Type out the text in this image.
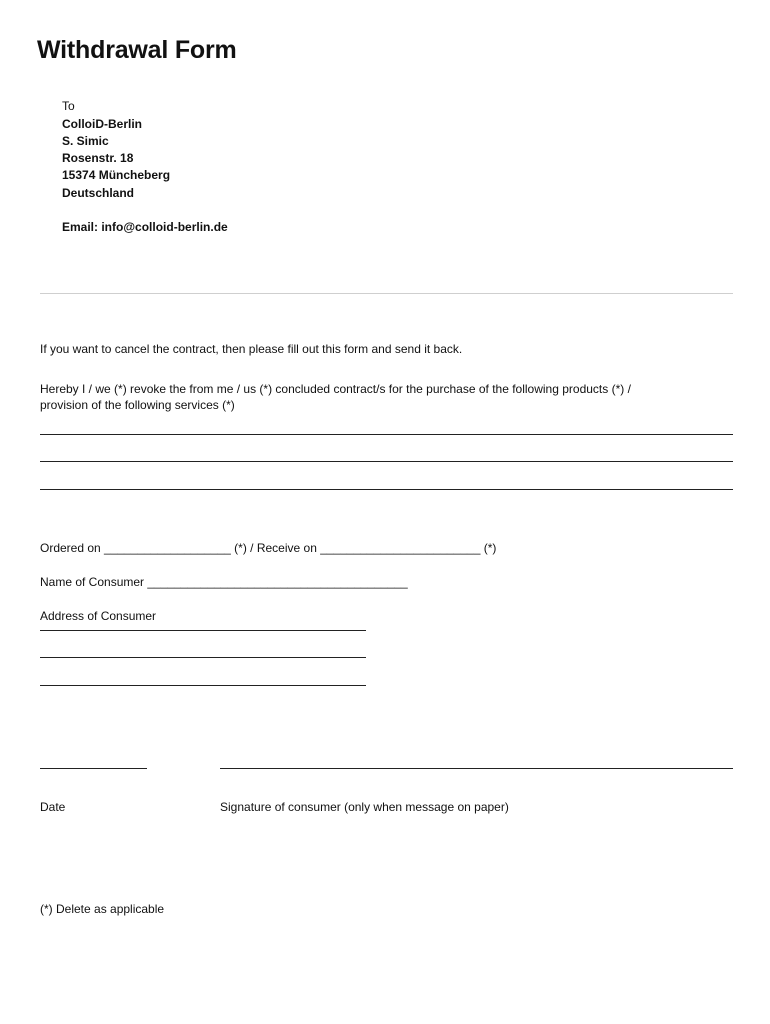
Withdrawal Form
To
ColloiD-Berlin
S. Simic
Rosenstr. 18
15374 Müncheberg
Deutschland
Email: info@colloid-berlin.de
If you want to cancel the contract, then please fill out this form and send it back.
Hereby I / we (*) revoke the from me / us (*) concluded contract/s for the purchase of the following products (*) /
provision of the following services (*)
Ordered on ___________________ (*) / Receive on ________________________ (*)
Name of Consumer _______________________________________
Address of Consumer
Date	Signature of consumer (only when message on paper)
(*) Delete as applicable
